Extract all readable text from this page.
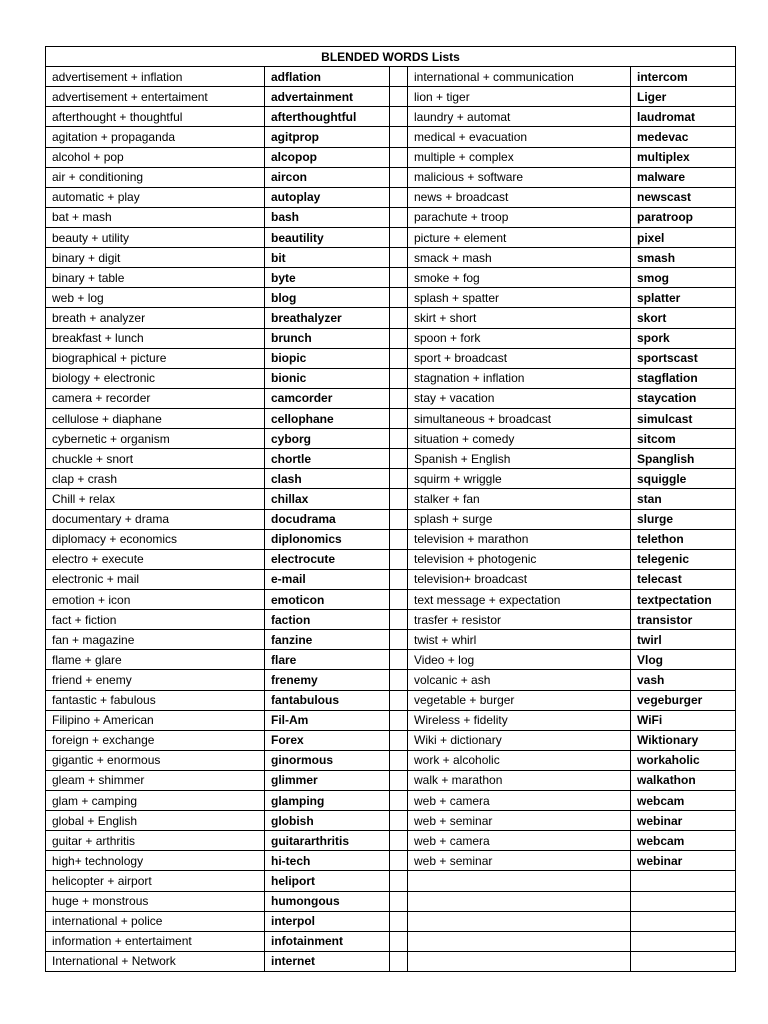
BLENDED WORDS Lists				
advertisement + inflation	adflation		international + communication	intercom
advertisement + entertaiment	advertainment		lion + tiger	Liger
afterthought + thoughtful	afterthoughtful		laundry + automat	laudromat
agitation + propaganda	agitprop		medical + evacuation	medevac
alcohol + pop	alcopop		multiple + complex	multiplex
air + conditioning	aircon		malicious + software	malware
automatic + play	autoplay		news + broadcast	newscast
bat + mash	bash		parachute + troop	paratroop
beauty + utility	beautility		picture + element	pixel
binary + digit	bit		smack + mash	smash
binary + table	byte		smoke + fog	smog
web + log	blog		splash + spatter	splatter
breath + analyzer	breathalyzer		skirt + short	skort
breakfast + lunch	brunch		spoon + fork	spork
biographical + picture	biopic		sport + broadcast	sportscast
biology + electronic	bionic		stagnation + inflation	stagflation
camera + recorder	camcorder		stay + vacation	staycation
cellulose + diaphane	cellophane		simultaneous + broadcast	simulcast
cybernetic + organism	cyborg		situation + comedy	sitcom
chuckle + snort	chortle		Spanish + English	Spanglish
clap + crash	clash		squirm + wriggle	squiggle
Chill + relax	chillax		stalker + fan	stan
documentary + drama	docudrama		splash + surge	slurge
diplomacy + economics	diplonomics		television + marathon	telethon
electro + execute	electrocute		television + photogenic	telegenic
electronic + mail	e-mail		television+ broadcast	telecast
emotion + icon	emoticon		text message + expectation	textpectation
fact + fiction	faction		trasfer + resistor	transistor
fan + magazine	fanzine		twist + whirl	twirl
flame + glare	flare		Video + log	Vlog
friend + enemy	frenemy		volcanic + ash	vash
fantastic + fabulous	fantabulous		vegetable + burger	vegeburger
Filipino + American	Fil-Am		Wireless + fidelity	WiFi
foreign + exchange	Forex		Wiki + dictionary	Wiktionary
gigantic + enormous	ginormous		work + alcoholic	workaholic
gleam + shimmer	glimmer		walk + marathon	walkathon
glam + camping	glamping		web + camera	webcam
global + English	globish		web + seminar	webinar
guitar + arthritis	guitararthritis		web + camera	webcam
high+ technology	hi-tech		web + seminar	webinar
helicopter + airport	heliport			
huge + monstrous	humongous			
international + police	interpol			
information + entertaiment	infotainment			
International + Network	internet			
